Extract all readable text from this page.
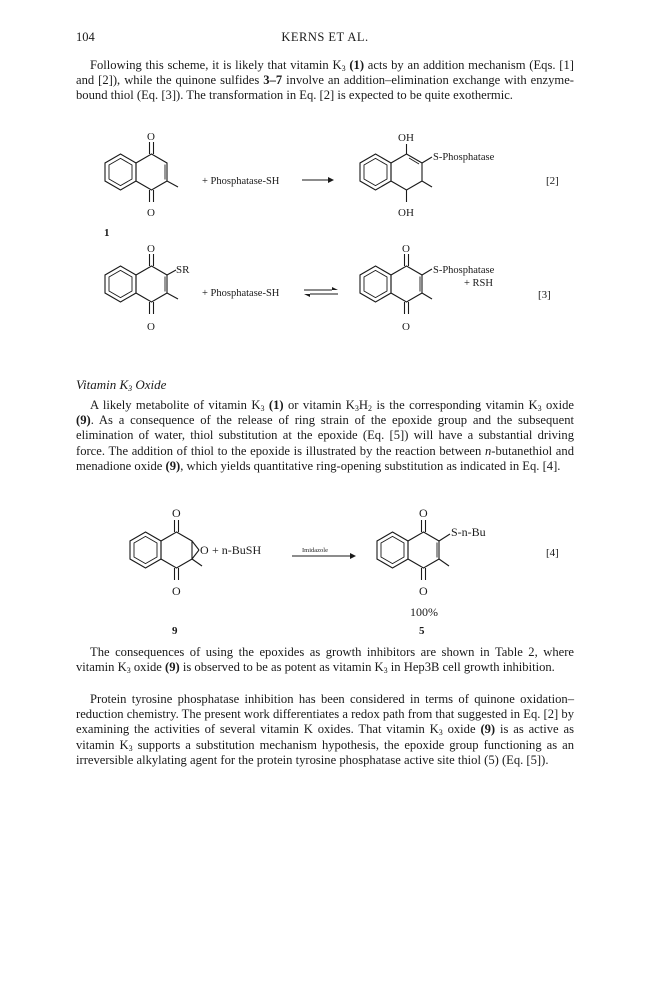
104	KERNS ET AL.

Following this scheme, it is likely that vitamin $K_3$ (1) acts by an addition mechanism (Eqs. [1] and [2]), while the quinone sulfides 3–7 involve an addition–elimination exchange with enzyme-bound thiol (Eq. [3]). The transformation in Eq. [2] is expected to be quite exothermic.

O
O
1
+ Phosphatase-SH
OH
OH
S-Phosphatase
[2]
O
O
SR
+ Phosphatase-SH
O
O
S-Phosphatase
+ RSH
[3]

Vitamin $K_3$ Oxide

A likely metabolite of vitamin $K_3$ (1) or vitamin $K_3H_2$ is the corresponding vitamin $K_3$ oxide (9). As a consequence of the release of ring strain of the epoxide group and the subsequent elimination of water, thiol substitution at the epoxide (Eq. [5]) will have a substantial driving force. The addition of thiol to the epoxide is illustrated by the reaction between n-butanethiol and menadione oxide (9), which yields quantitative ring-opening substitution as indicated in Eq. [4].

O
O
O + n-BuSH
9
Imidazole
O
O
S-n-Bu
100%
5
[4]

The consequences of using the epoxides as growth inhibitors are shown in Table 2, where vitamin $K_3$ oxide (9) is observed to be as potent as vitamin $K_3$ in Hep3B cell growth inhibition.

Protein tyrosine phosphatase inhibition has been considered in terms of quinone oxidation–reduction chemistry. The present work differentiates a redox path from that suggested in Eq. [2] by examining the activities of several vitamin K oxides. That vitamin $K_3$ oxide (9) is as active as vitamin $K_3$ supports a substitution mechanism hypothesis, the epoxide group functioning as an irreversible alkylating agent for the protein tyrosine phosphatase active site thiol (5) (Eq. [5]).
